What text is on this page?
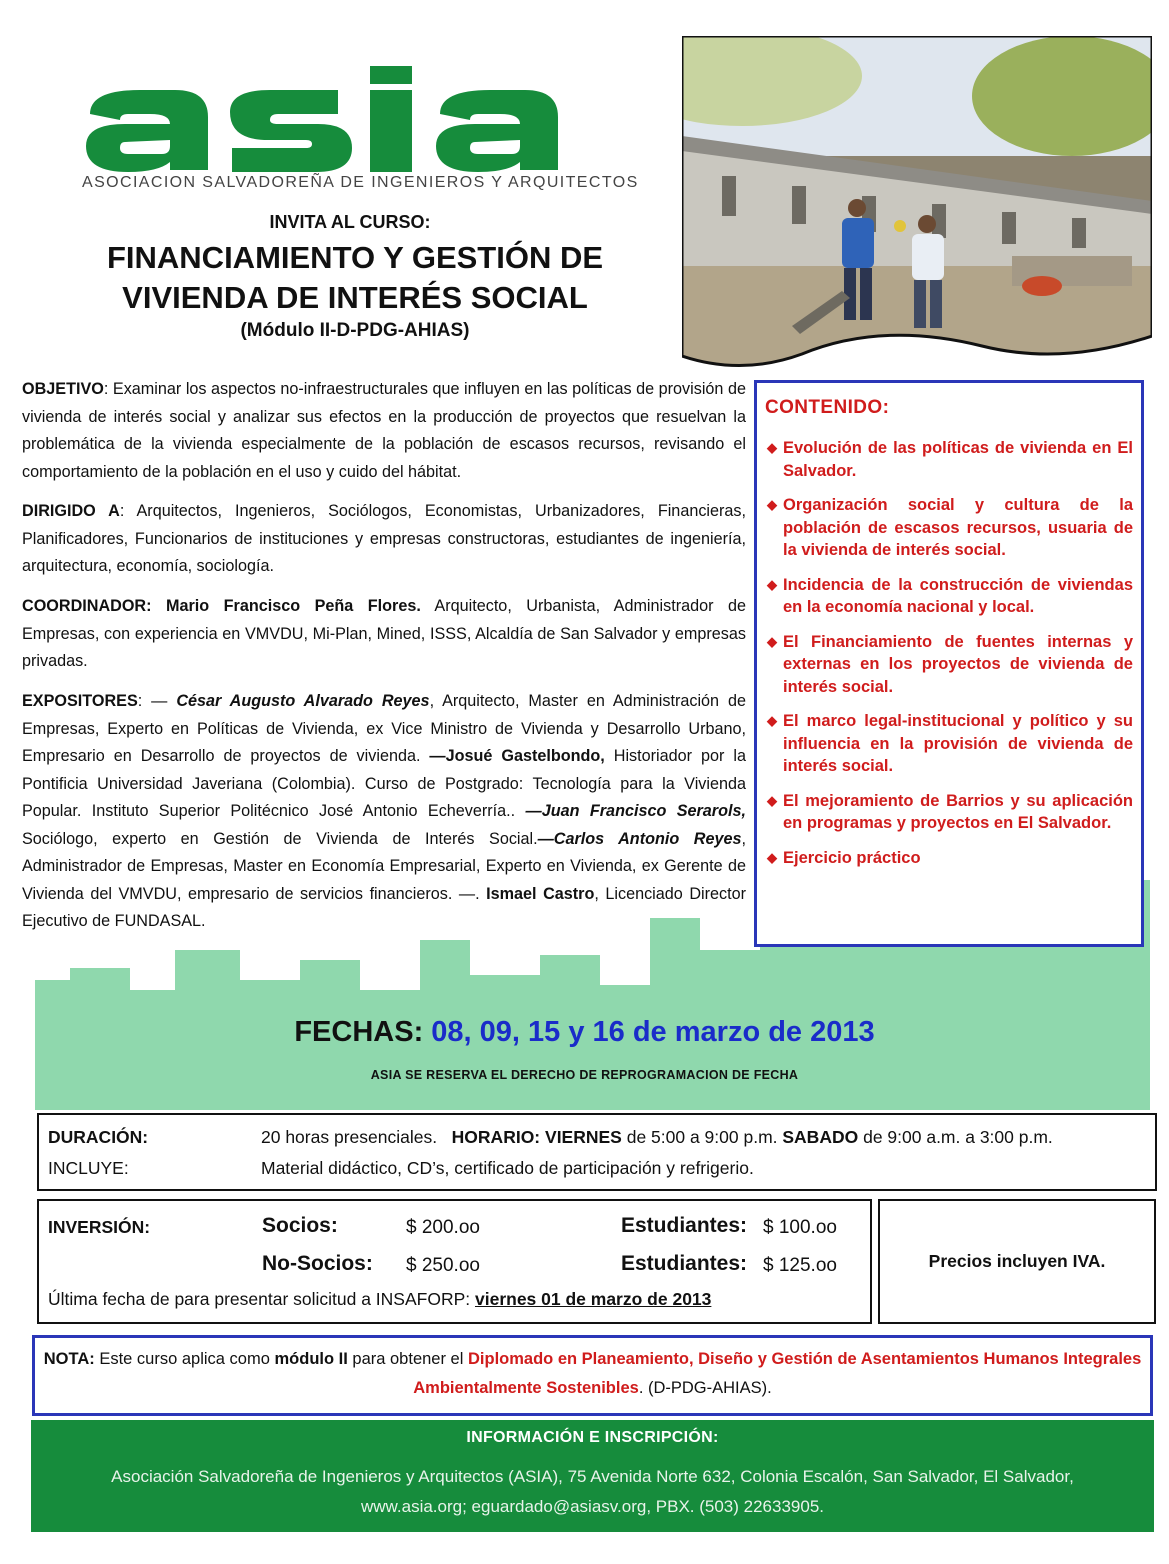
ASOCIACION SALVADOREÑA DE INGENIEROS Y ARQUITECTOS
INVITA AL CURSO:
FINANCIAMIENTO Y GESTIÓN DE
VIVIENDA DE INTERÉS SOCIAL
(Módulo II-D-PDG-AHIAS)
OBJETIVO: Examinar los aspectos no-infraestructurales que influyen en las políticas de provisión de vivienda de interés social y analizar sus efectos en la producción de proyectos que resuelvan la problemática de la vivienda especialmente de la población de escasos recursos, revisando el comportamiento de la población en el uso y cuido del hábitat.
DIRIGIDO A: Arquitectos, Ingenieros, Sociólogos, Economistas, Urbanizadores, Financieras, Planificadores, Funcionarios de instituciones y empresas constructoras, estudiantes de ingeniería, arquitectura, economía, sociología.
COORDINADOR: Mario Francisco Peña Flores. Arquitecto, Urbanista, Administrador de Empresas, con experiencia en VMVDU, Mi-Plan, Mined, ISSS, Alcaldía de San Salvador y empresas privadas.
EXPOSITORES: — César Augusto Alvarado Reyes, Arquitecto, Master en Administración de Empresas, Experto en Políticas de Vivienda, ex Vice Ministro de Vivienda y Desarrollo Urbano, Empresario en Desarrollo de proyectos de vivienda. —Josué Gastelbondo, Historiador por la Pontificia Universidad Javeriana (Colombia). Curso de Postgrado: Tecnología para la Vivienda Popular. Instituto Superior Politécnico José Antonio Echeverría.. —Juan Francisco Serarols, Sociólogo, experto en Gestión de Vivienda de Interés Social.—Carlos Antonio Reyes, Administrador de Empresas, Master en Economía Empresarial, Experto en Vivienda, ex Gerente de Vivienda del VMVDU, empresario de servicios financieros. —. Ismael Castro, Licenciado Director Ejecutivo de FUNDASAL.
CONTENIDO:
◆ Evolución de las políticas de vivienda en El Salvador.
◆ Organización social y cultura de la población de escasos recursos, usuaria de la vivienda de interés social.
◆ Incidencia de la construcción de viviendas en la economía nacional y local.
◆ El Financiamiento de fuentes internas y externas en los proyectos de vivienda de interés social.
◆ El marco legal-institucional y político y su influencia en la provisión de vivienda de interés social.
◆ El mejoramiento de Barrios y su aplicación en programas y proyectos en El Salvador.
◆ Ejercicio práctico
FECHAS: 08, 09, 15 y 16 de marzo de 2013
ASIA SE RESERVA EL DERECHO DE REPROGRAMACION DE FECHA
DURACIÓN:	20 horas presenciales. HORARIO: VIERNES de 5:00 a 9:00 p.m. SABADO de 9:00 a.m. a 3:00 p.m.
INCLUYE:	Material didáctico, CD’s, certificado de participación y refrigerio.
INVERSIÓN:	Socios:	$ 200.oo	Estudiantes: $ 100.oo
No-Socios: $ 250.oo	Estudiantes: $ 125.oo
Última fecha de para presentar solicitud a INSAFORP: viernes 01 de marzo de 2013
Precios incluyen IVA.
NOTA: Este curso aplica como módulo II para obtener el Diplomado en Planeamiento, Diseño y Gestión de Asentamientos Humanos Integrales Ambientalmente Sostenibles. (D-PDG-AHIAS).
INFORMACIÓN E INSCRIPCIÓN:
Asociación Salvadoreña de Ingenieros y Arquitectos (ASIA), 75 Avenida Norte 632, Colonia Escalón, San Salvador, El Salvador,
www.asia.org; eguardado@asiasv.org, PBX. (503) 22633905.
